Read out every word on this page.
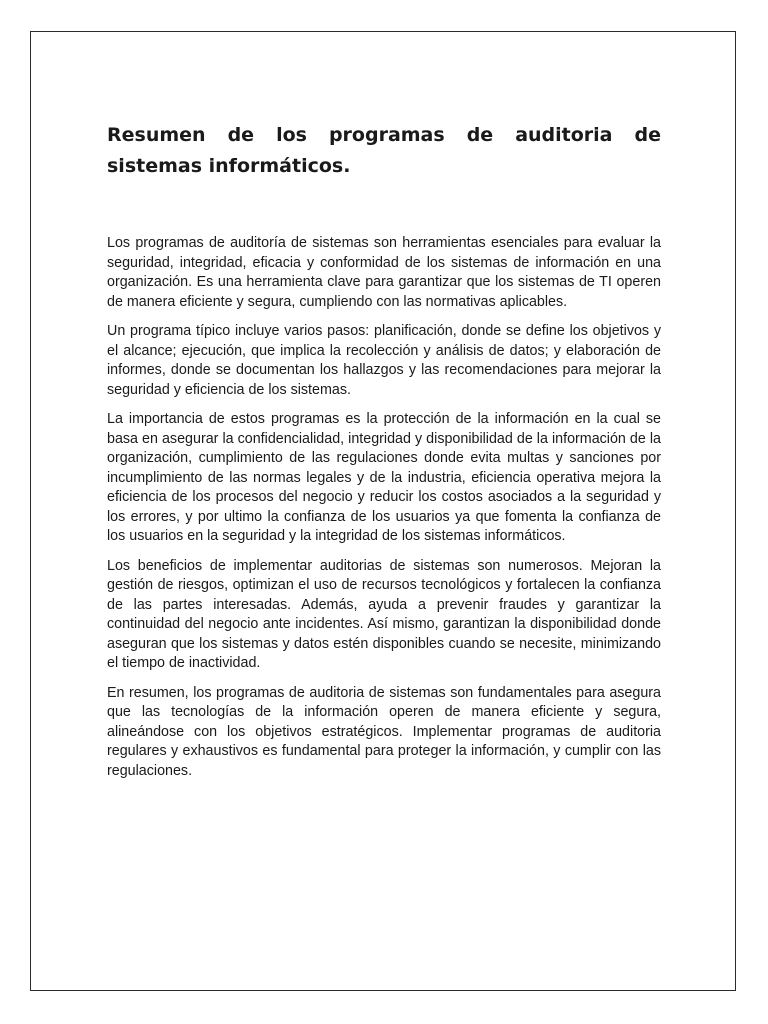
Resumen de los programas de auditoria de sistemas informáticos.

Los programas de auditoría de sistemas son herramientas esenciales para evaluar la seguridad, integridad, eficacia y conformidad de los sistemas de información en una organización. Es una herramienta clave para garantizar que los sistemas de TI operen de manera eficiente y segura, cumpliendo con las normativas aplicables.

Un programa típico incluye varios pasos: planificación, donde se define los objetivos y el alcance; ejecución, que implica la recolección y análisis de datos; y elaboración de informes, donde se documentan los hallazgos y las recomendaciones para mejorar la seguridad y eficiencia de los sistemas.

La importancia de estos programas es la protección de la información en la cual se basa en asegurar la confidencialidad, integridad y disponibilidad de la información de la organización, cumplimiento de las regulaciones donde evita multas y sanciones por incumplimiento de las normas legales y de la industria, eficiencia operativa mejora la eficiencia de los procesos del negocio y reducir los costos asociados a la seguridad y los errores, y por ultimo la confianza de los usuarios ya que fomenta la confianza de los usuarios en la seguridad y la integridad de los sistemas informáticos.

Los beneficios de implementar auditorias de sistemas son numerosos. Mejoran la gestión de riesgos, optimizan el uso de recursos tecnológicos y fortalecen la confianza de las partes interesadas. Además, ayuda a prevenir fraudes y garantizar la continuidad del negocio ante incidentes. Así mismo, garantizan la disponibilidad donde aseguran que los sistemas y datos estén disponibles cuando se necesite, minimizando el tiempo de inactividad.

En resumen, los programas de auditoria de sistemas son fundamentales para asegura que las tecnologías de la información operen de manera eficiente y segura, alineándose con los objetivos estratégicos. Implementar programas de auditoria regulares y exhaustivos es fundamental para proteger la información, y cumplir con las regulaciones.
